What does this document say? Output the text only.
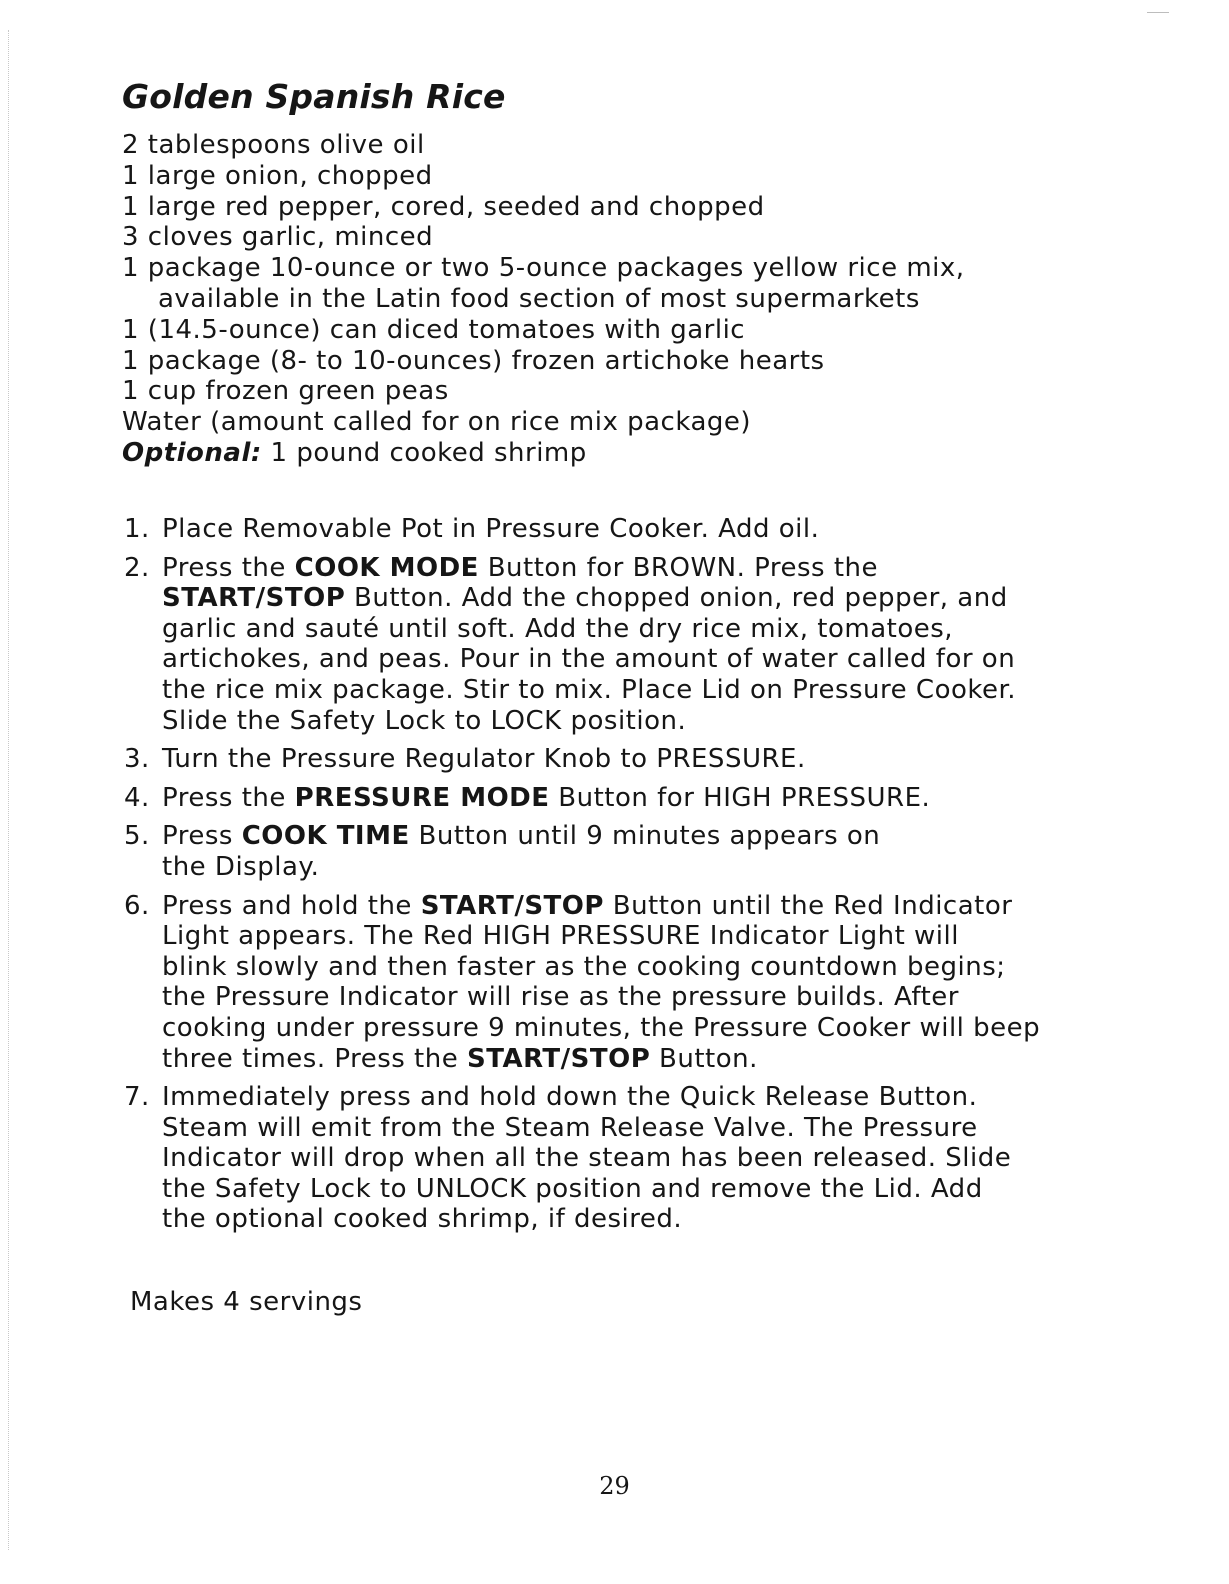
Golden Spanish Rice
2 tablespoons olive oil
1 large onion, chopped
1 large red pepper, cored, seeded and chopped
3 cloves garlic, minced
1 package 10-ounce or two 5-ounce packages yellow rice mix,
available in the Latin food section of most supermarkets
1 (14.5-ounce) can diced tomatoes with garlic
1 package (8- to 10-ounces) frozen artichoke hearts
1 cup frozen green peas
Water (amount called for on rice mix package)
Optional: 1 pound cooked shrimp
1. Place Removable Pot in Pressure Cooker. Add oil.
2. Press the COOK MODE Button for BROWN. Press the
START/STOP Button. Add the chopped onion, red pepper, and
garlic and sauté until soft. Add the dry rice mix, tomatoes,
artichokes, and peas. Pour in the amount of water called for on
the rice mix package. Stir to mix. Place Lid on Pressure Cooker.
Slide the Safety Lock to LOCK position.
3. Turn the Pressure Regulator Knob to PRESSURE.
4. Press the PRESSURE MODE Button for HIGH PRESSURE.
5. Press COOK TIME Button until 9 minutes appears on
the Display.
6. Press and hold the START/STOP Button until the Red Indicator
Light appears. The Red HIGH PRESSURE Indicator Light will
blink slowly and then faster as the cooking countdown begins;
the Pressure Indicator will rise as the pressure builds. After
cooking under pressure 9 minutes, the Pressure Cooker will beep
three times. Press the START/STOP Button.
7. Immediately press and hold down the Quick Release Button.
Steam will emit from the Steam Release Valve. The Pressure
Indicator will drop when all the steam has been released. Slide
the Safety Lock to UNLOCK position and remove the Lid. Add
the optional cooked shrimp, if desired.

Makes 4 servings

29
